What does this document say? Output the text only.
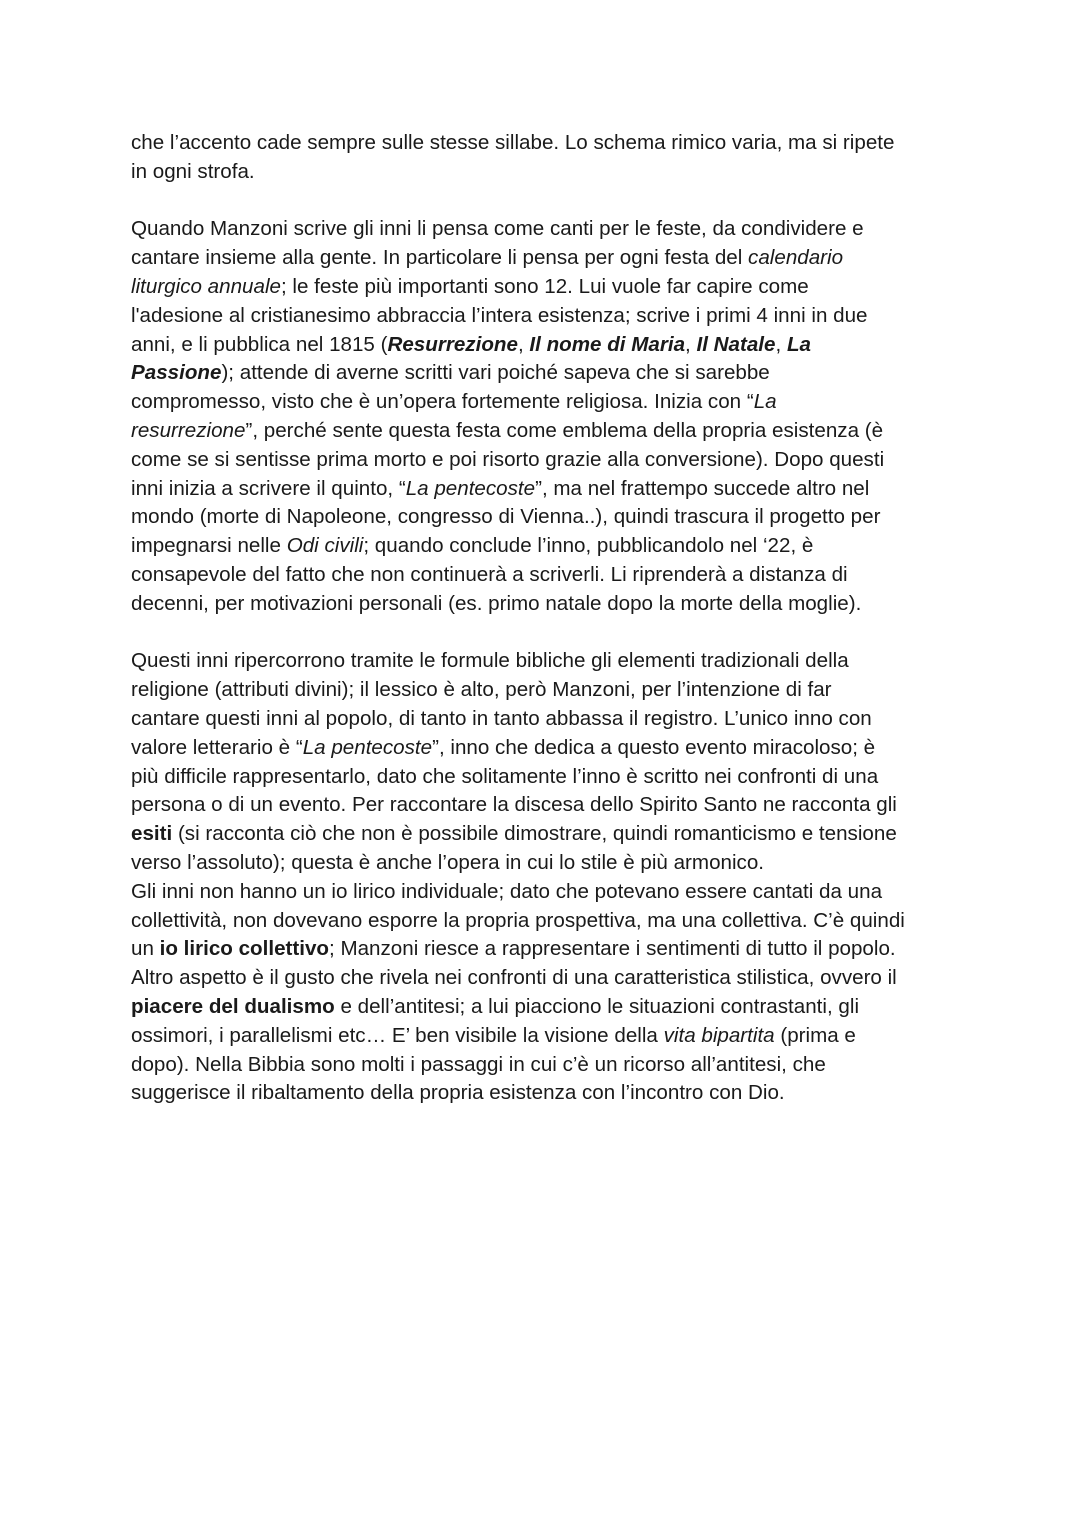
che l’accento cade sempre sulle stesse sillabe. Lo schema rimico varia, ma si ripete
in ogni strofa.

Quando Manzoni scrive gli inni li pensa come canti per le feste, da condividere e
cantare insieme alla gente. In particolare li pensa per ogni festa del calendario
liturgico annuale; le feste più importanti sono 12. Lui vuole far capire come
l'adesione al cristianesimo abbraccia l’intera esistenza; scrive i primi 4 inni in due
anni, e li pubblica nel 1815 (Resurrezione, Il nome di Maria, Il Natale, La
Passione); attende di averne scritti vari poiché sapeva che si sarebbe
compromesso, visto che è un’opera fortemente religiosa. Inizia con “La
resurrezione”, perché sente questa festa come emblema della propria esistenza (è
come se si sentisse prima morto e poi risorto grazie alla conversione). Dopo questi
inni inizia a scrivere il quinto, “La pentecoste”, ma nel frattempo succede altro nel
mondo (morte di Napoleone, congresso di Vienna..), quindi trascura il progetto per
impegnarsi nelle Odi civili; quando conclude l’inno, pubblicandolo nel ‘22, è
consapevole del fatto che non continuerà a scriverli. Li riprenderà a distanza di
decenni, per motivazioni personali (es. primo natale dopo la morte della moglie).

Questi inni ripercorrono tramite le formule bibliche gli elementi tradizionali della
religione (attributi divini); il lessico è alto, però Manzoni, per l’intenzione di far
cantare questi inni al popolo, di tanto in tanto abbassa il registro. L’unico inno con
valore letterario è “La pentecoste”, inno che dedica a questo evento miracoloso; è
più difficile rappresentarlo, dato che solitamente l’inno è scritto nei confronti di una
persona o di un evento. Per raccontare la discesa dello Spirito Santo ne racconta gli
esiti (si racconta ciò che non è possibile dimostrare, quindi romanticismo e tensione
verso l’assoluto); questa è anche l’opera in cui lo stile è più armonico.
Gli inni non hanno un io lirico individuale; dato che potevano essere cantati da una
collettività, non dovevano esporre la propria prospettiva, ma una collettiva. C’è quindi
un io lirico collettivo; Manzoni riesce a rappresentare i sentimenti di tutto il popolo.
Altro aspetto è il gusto che rivela nei confronti di una caratteristica stilistica, ovvero il
piacere del dualismo e dell’antitesi; a lui piacciono le situazioni contrastanti, gli
ossimori, i parallelismi etc… E’ ben visibile la visione della vita bipartita (prima e
dopo). Nella Bibbia sono molti i passaggi in cui c’è un ricorso all’antitesi, che
suggerisce il ribaltamento della propria esistenza con l’incontro con Dio.
